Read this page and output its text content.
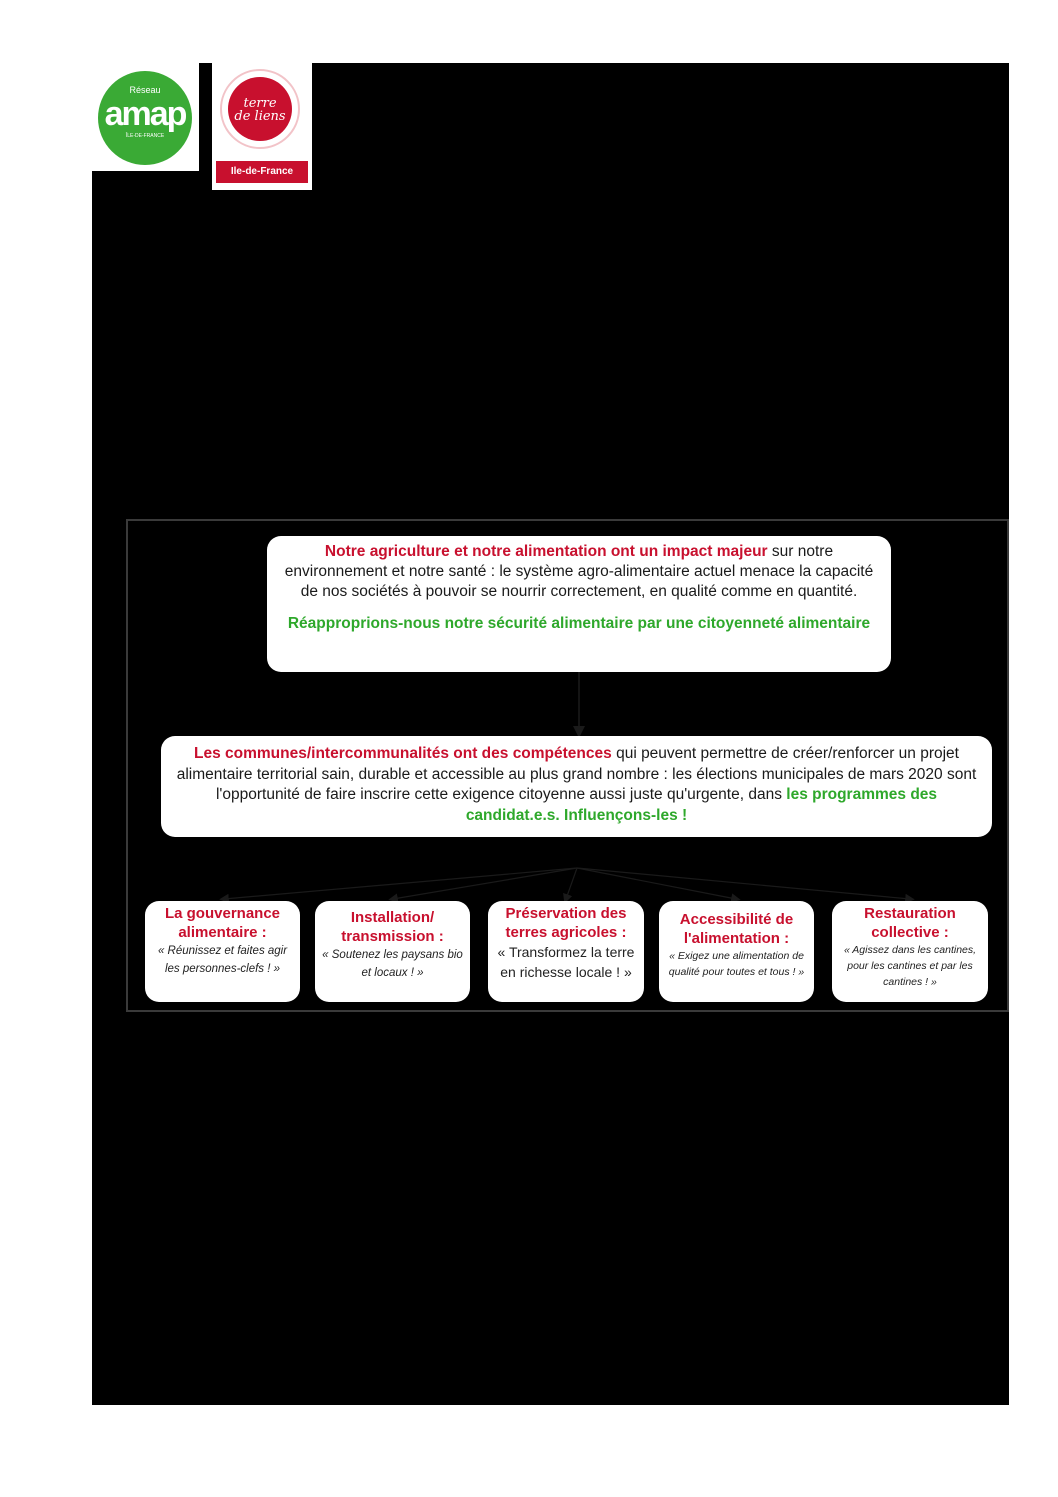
Réseau
amap
ÎLE-DE-FRANCE
terre
de liens
Ile-de-France
Notre agriculture et notre alimentation ont un impact majeur sur notre environnement et notre santé : le système agro-alimentaire actuel menace la capacité de nos sociétés à pouvoir se nourrir correctement, en qualité comme en quantité.
Réapproprions-nous notre sécurité alimentaire par une citoyenneté alimentaire
Les communes/intercommunalités ont des compétences qui peuvent permettre de créer/renforcer un projet alimentaire territorial sain, durable et accessible au plus grand nombre : les élections municipales de mars 2020 sont l'opportunité de faire inscrire cette exigence citoyenne aussi juste qu'urgente, dans les programmes des candidat.e.s. Influençons-les !
La gouvernance alimentaire :
« Réunissez et faites agir les personnes-clefs ! »
Installation/ transmission :
« Soutenez les paysans bio et locaux ! »
Préservation des terres agricoles :
« Transformez la terre en richesse locale ! »
Accessibilité de l'alimentation :
« Exigez une alimentation de qualité pour toutes et tous ! »
Restauration collective :
« Agissez dans les cantines, pour les cantines et par les cantines ! »
